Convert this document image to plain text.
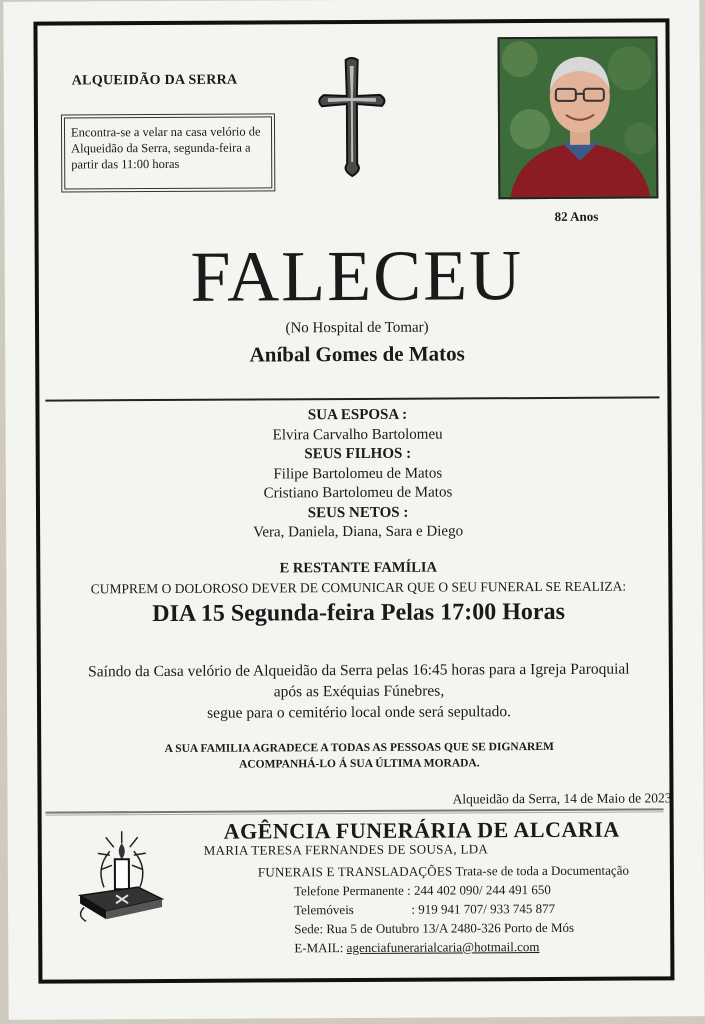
ALQUEIDÃO DA SERRA
Encontra-se a velar na casa velório de Alqueidão da Serra, segunda-feira a partir das 11:00 horas
82 Anos
FALECEU
(No Hospital de Tomar)
Aníbal Gomes de Matos
SUA ESPOSA :
Elvira Carvalho Bartolomeu
SEUS FILHOS :
Filipe Bartolomeu de Matos
Cristiano Bartolomeu de Matos
SEUS NETOS :
Vera, Daniela, Diana, Sara e Diego
E RESTANTE FAMÍLIA
CUMPREM O DOLOROSO DEVER DE COMUNICAR QUE O SEU FUNERAL SE REALIZA:
DIA 15 Segunda-feira Pelas 17:00 Horas
Saíndo da Casa velório de Alqueidão da Serra pelas 16:45 horas para a Igreja Paroquial
após as Exéquias Fúnebres,
segue para o cemitério local onde será sepultado.
A SUA FAMILIA AGRADECE A TODAS AS PESSOAS QUE SE DIGNAREM
ACOMPANHÁ-LO Á SUA ÚLTIMA MORADA.
Alqueidão da Serra, 14 de Maio de 2023
AGÊNCIA FUNERÁRIA DE ALCARIA
MARIA TERESA FERNANDES DE SOUSA, LDA
FUNERAIS E TRANSLADAÇÕES Trata-se de toda a Documentação
Telefone Permanente : 244 402 090/ 244 491 650
Telemóveis	: 919 941 707/ 933 745 877
Sede: Rua 5 de Outubro 13/A 2480-326 Porto de Mós
E-MAIL: agenciafunerarialcaria@hotmail.com
